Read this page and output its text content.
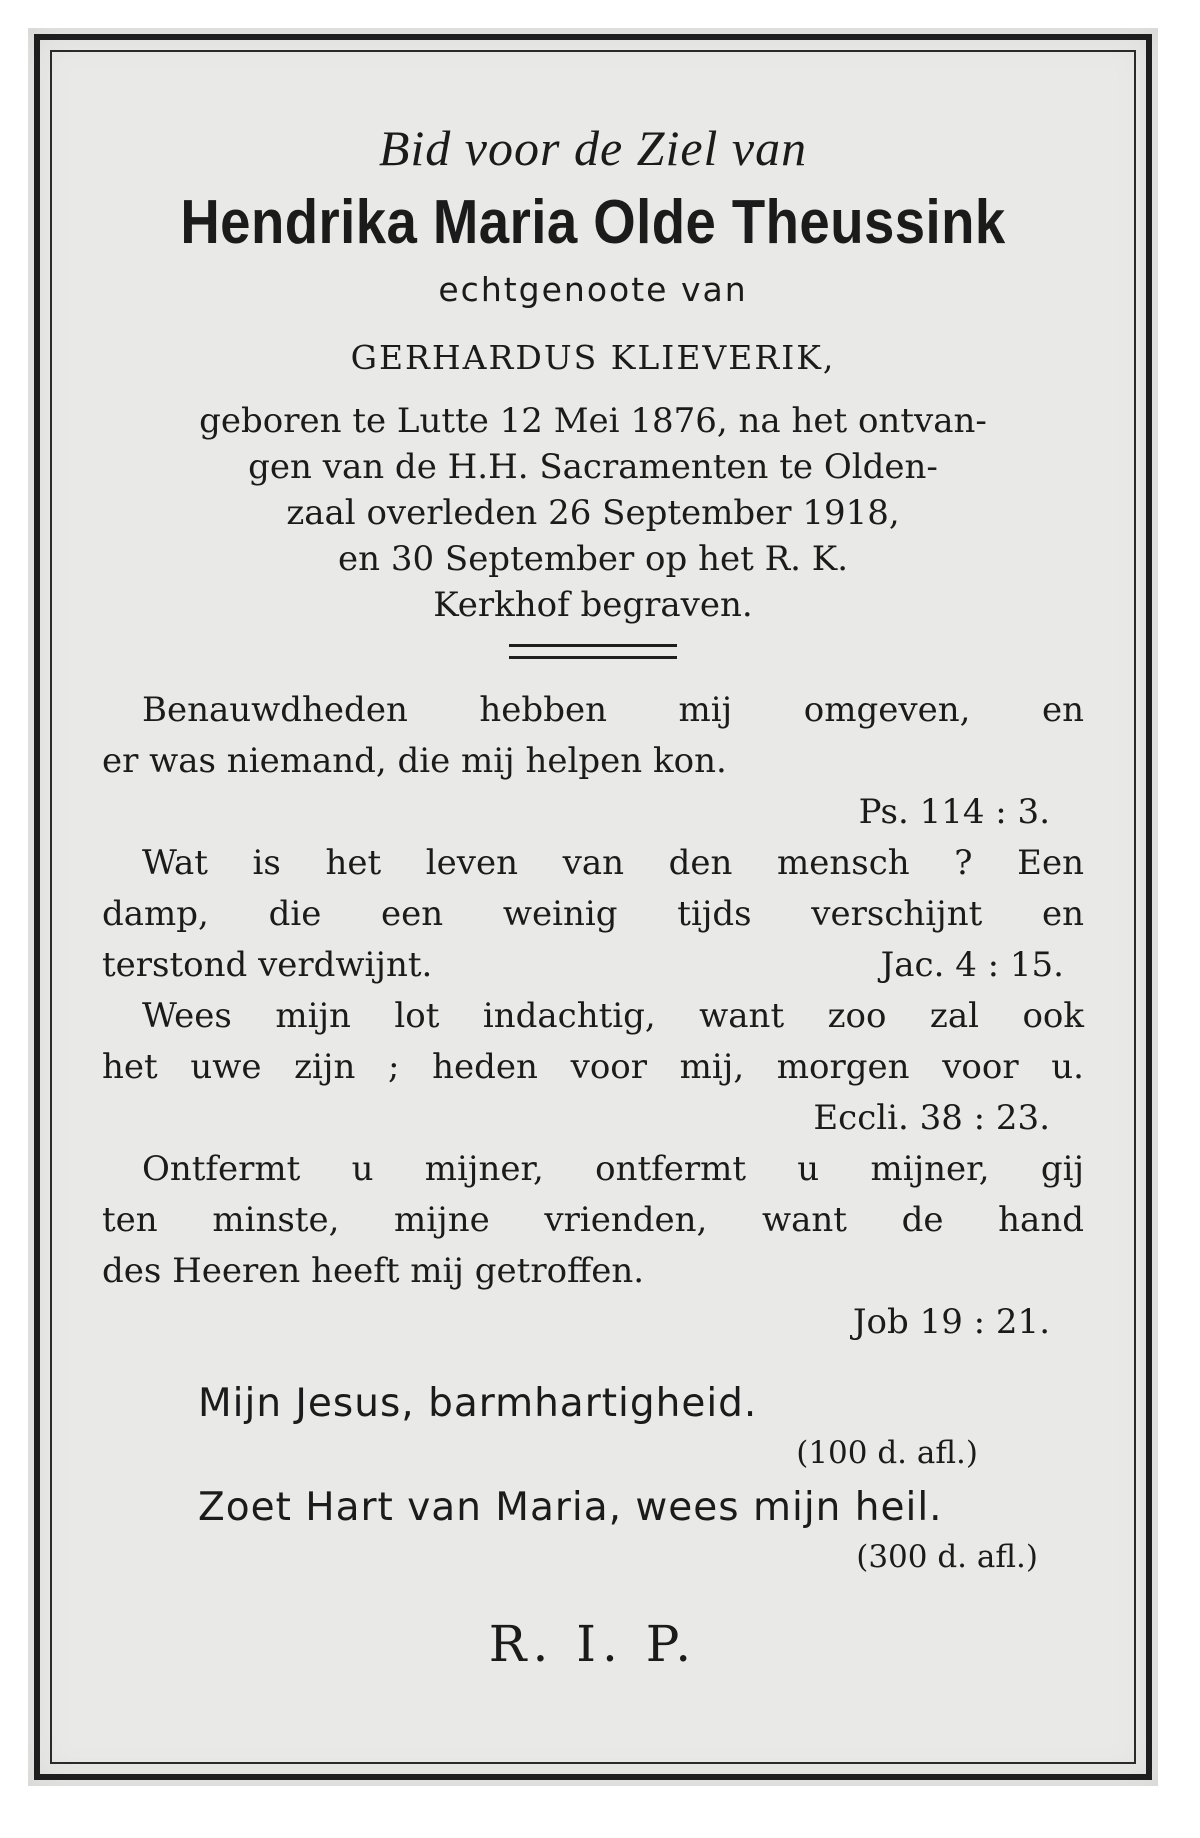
Bid voor de Ziel van
Hendrika Maria Olde Theussink
echtgenoote van
GERHARDUS KLIEVERIK,
geboren te Lutte 12 Mei 1876, na het ontvan-
gen van de H.H. Sacramenten te Olden-
zaal overleden 26 September 1918,
en 30 September op het R. K.
Kerkhof begraven.
Benauwdheden hebben mij omgeven, en
er was niemand, die mij helpen kon.
Ps. 114 : 3.
Wat is het leven van den mensch ? Een
damp, die een weinig tijds verschijnt en
terstond verdwijnt.	Jac. 4 : 15.
Wees mijn lot indachtig, want zoo zal ook
het uwe zijn ; heden voor mij, morgen voor u.
Eccli. 38 : 23.
Ontfermt u mijner, ontfermt u mijner, gij
ten minste, mijne vrienden, want de hand
des Heeren heeft mij getroffen.
Job 19 : 21.
Mijn Jesus, barmhartigheid.
(100 d. afl.)
Zoet Hart van Maria, wees mijn heil.
(300 d. afl.)
R. I. P.
